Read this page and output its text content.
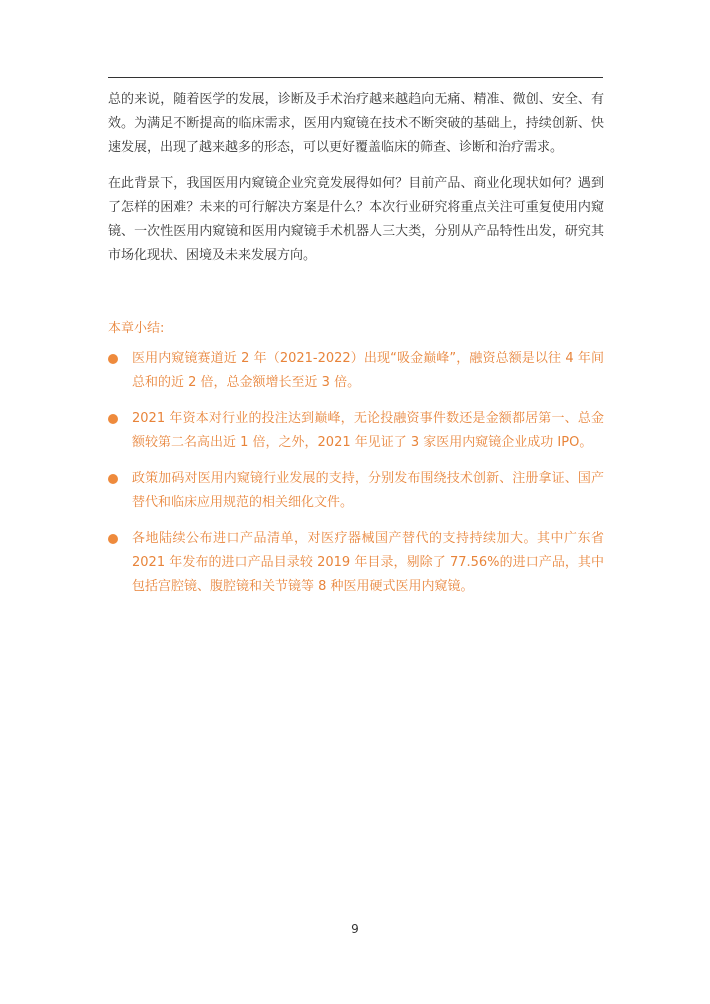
总的来说，随着医学的发展，诊断及手术治疗越来越趋向无痛、精准、微创、安全、有效。为满足不断提高的临床需求，医用内窥镜在技术不断突破的基础上，持续创新、快速发展，出现了越来越多的形态，可以更好覆盖临床的筛查、诊断和治疗需求。

在此背景下，我国医用内窥镜企业究竟发展得如何？目前产品、商业化现状如何？遇到了怎样的困难？未来的可行解决方案是什么？本次行业研究将重点关注可重复使用内窥镜、一次性医用内窥镜和医用内窥镜手术机器人三大类，分别从产品特性出发，研究其市场化现状、困境及未来发展方向。

本章小结:
医用内窥镜赛道近 2 年（2021-2022）出现“吸金巅峰”，融资总额是以往 4 年间总和的近 2 倍，总金额增长至近 3 倍。
2021 年资本对行业的投注达到巅峰，无论投融资事件数还是金额都居第一、总金额较第二名高出近 1 倍，之外，2021 年见证了 3 家医用内窥镜企业成功 IPO。
政策加码对医用内窥镜行业发展的支持，分别发布围绕技术创新、注册拿证、国产替代和临床应用规范的相关细化文件。
各地陆续公布进口产品清单，对医疗器械国产替代的支持持续加大。其中广东省 2021 年发布的进口产品目录较 2019 年目录，剔除了 77.56%的进口产品，其中包括宫腔镜、腹腔镜和关节镜等 8 种医用硬式医用内窥镜。
9
